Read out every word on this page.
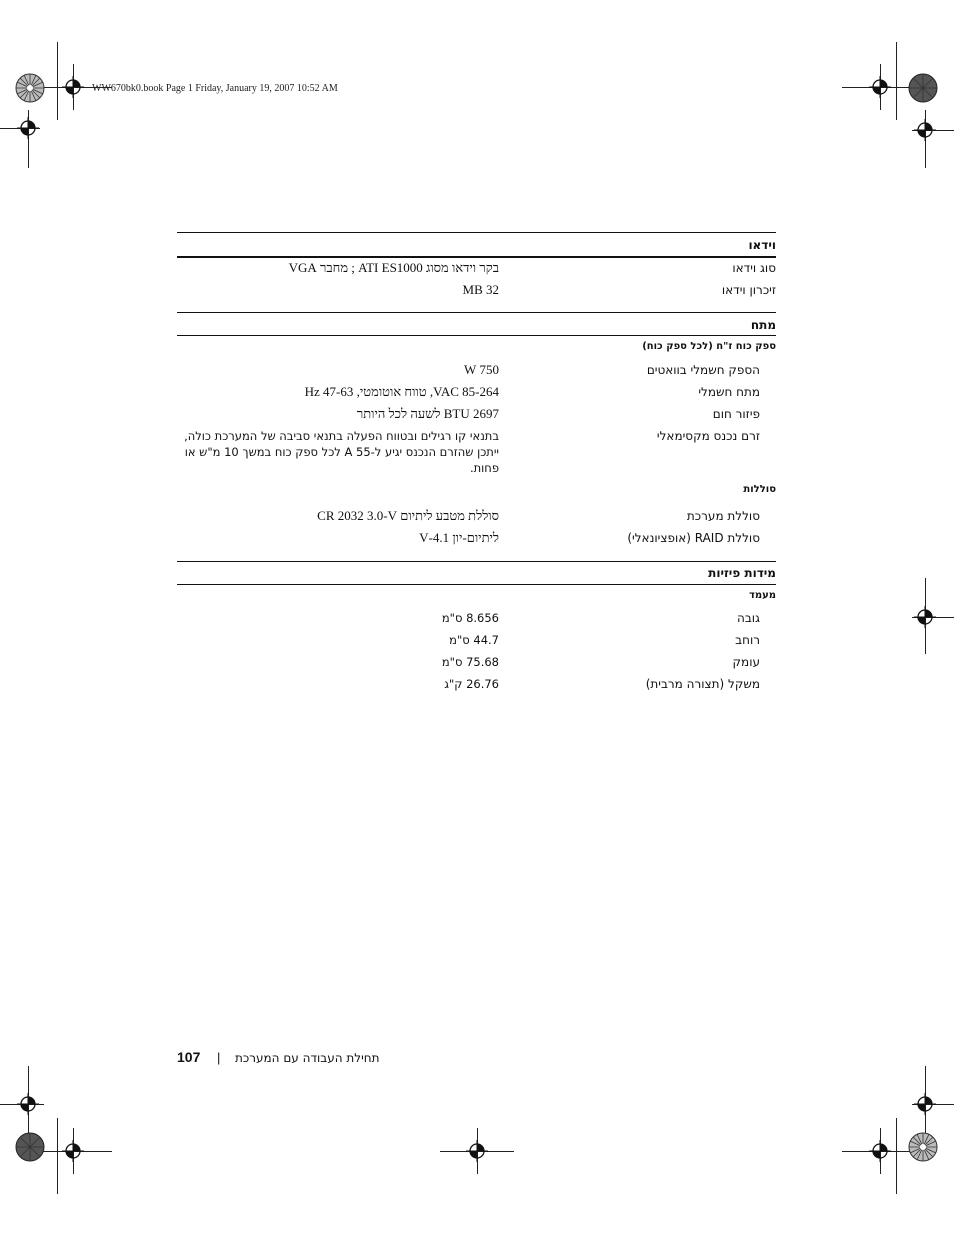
WW670bk0.book Page 1 Friday, January 19, 2007 10:52 AM
וידאו
סוג וידאו
בקר וידאו מסוג ATI ES1000 ; מחבר VGA
זיכרון וידאו
32 MB
מתח
ספק כוח ז"ח (לכל ספק כוח)
הספק חשמלי בוואטים
750 W
מתח חשמלי
85-264 VAC, טווח אוטומטי, 47-63 Hz
פיזור חום
2697 BTU לשעה לכל היותר
זרם נכנס מקסימאלי
בתנאי קו רגילים ובטווח הפעלה בתנאי סביבה של המערכת כולה, ייתכן שהזרם הנכנס יגיע ל-55 A לכל ספק כוח במשך 10 מ"ש או פחות.
סוללות
סוללת מערכת
סוללת מטבע ליתיום CR 2032 3.0-V
סוללת RAID (אופציונאלי)
ליתיום-יון 4.1-V
מידות פיזיות
מעמד
גובה
8.656 ס"מ
רוחב
44.7 ס"מ
עומק
75.68 ס"מ
משקל (תצורה מרבית)
26.76 ק"ג
107 | תחילת העבודה עם המערכת
